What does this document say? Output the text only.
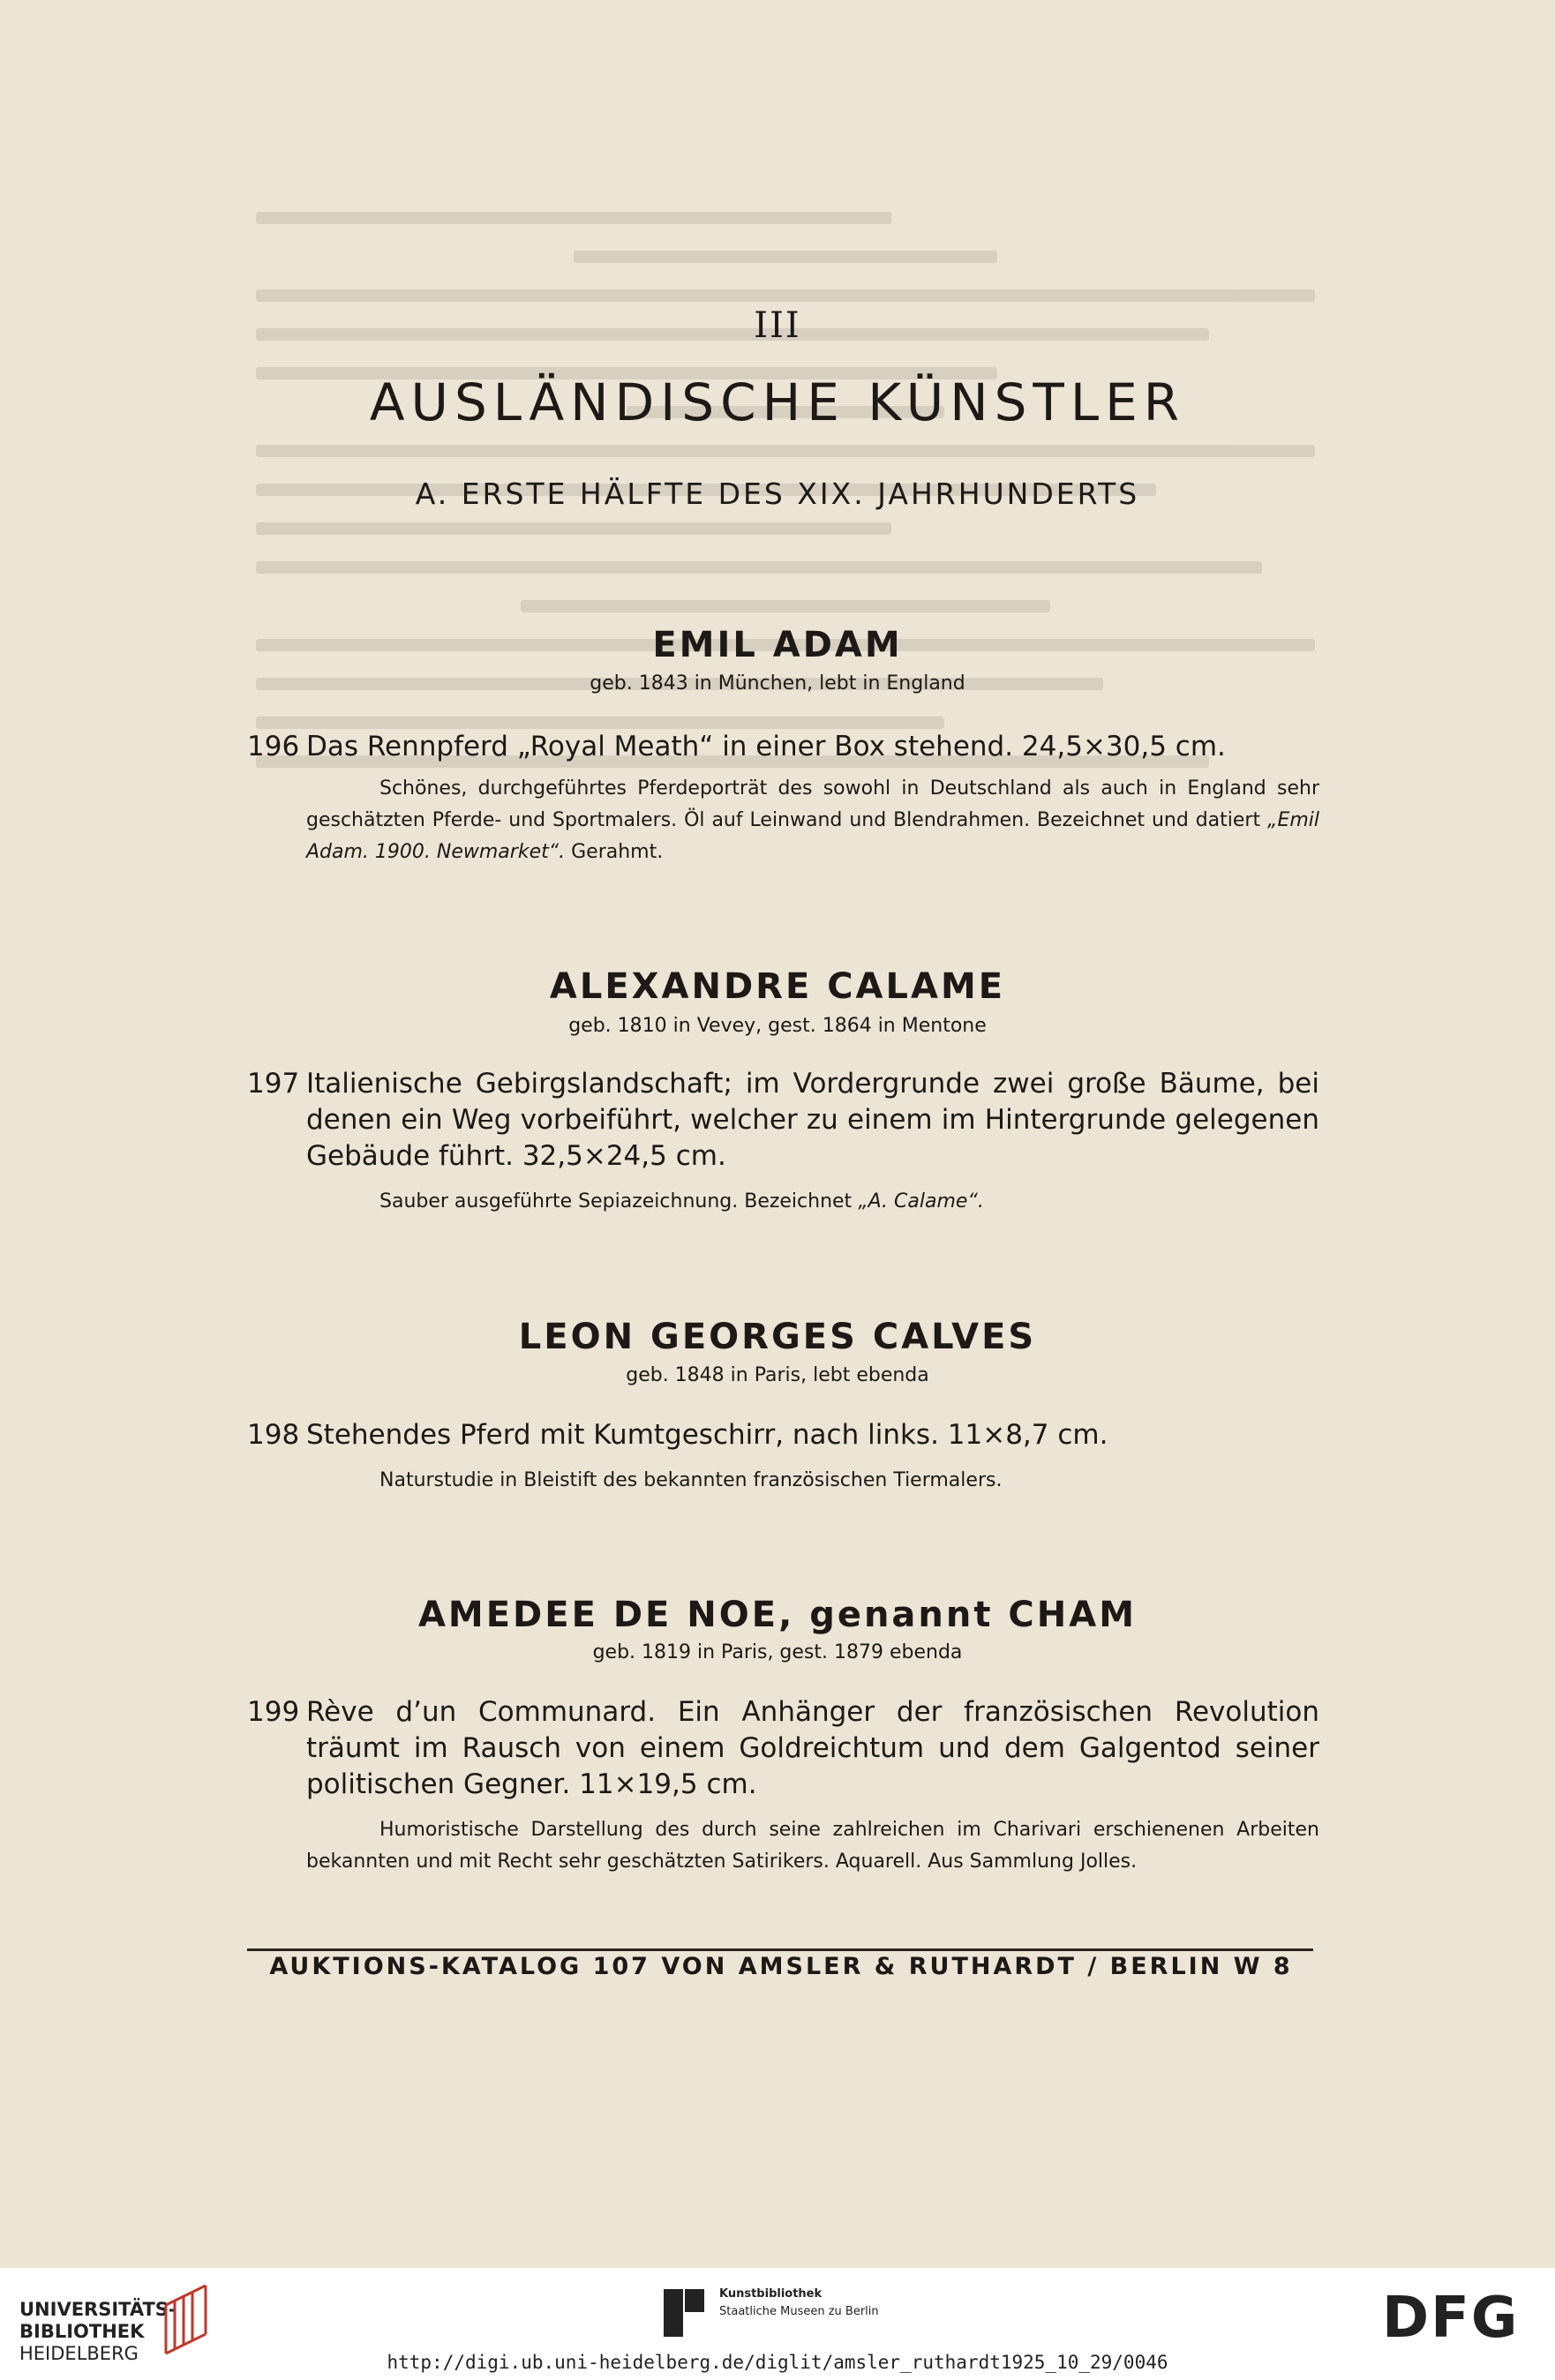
III
AUSLÄNDISCHE KÜNSTLER
A. ERSTE HÄLFTE DES XIX. JAHRHUNDERTS
EMIL ADAM
geb. 1843 in München, lebt in England
196 Das Rennpferd „Royal Meath“ in einer Box stehend. 24,5×30,5 cm.
Schönes, durchgeführtes Pferdeporträt des sowohl in Deutschland als auch in England sehr geschätzten Pferde- und Sportmalers. Öl auf Leinwand und Blendrahmen. Bezeichnet und datiert „Emil Adam. 1900. Newmarket“. Gerahmt.
ALEXANDRE CALAME
geb. 1810 in Vevey, gest. 1864 in Mentone
197 Italienische Gebirgslandschaft; im Vordergrunde zwei große Bäume, bei denen ein Weg vorbeiführt, welcher zu einem im Hintergrunde gelegenen Gebäude führt. 32,5×24,5 cm.
Sauber ausgeführte Sepiazeichnung. Bezeichnet „A. Calame“.
LEON GEORGES CALVES
geb. 1848 in Paris, lebt ebenda
198 Stehendes Pferd mit Kumtgeschirr, nach links. 11×8,7 cm.
Naturstudie in Bleistift des bekannten französischen Tiermalers.
AMEDEE DE NOE, genannt CHAM
geb. 1819 in Paris, gest. 1879 ebenda
199 Rève d’un Communard. Ein Anhänger der französischen Revolution träumt im Rausch von einem Goldreichtum und dem Galgentod seiner politischen Gegner. 11×19,5 cm.
Humoristische Darstellung des durch seine zahlreichen im Charivari erschienenen Arbeiten bekannten und mit Recht sehr geschätzten Satirikers. Aquarell. Aus Sammlung Jolles.
AUKTIONS-KATALOG 107 VON AMSLER & RUTHARDT / BERLIN W 8
UNIVERSITÄTS-
BIBLIOTHEK
HEIDELBERG
Kunstbibliothek
Staatliche Museen zu Berlin
http://digi.ub.uni-heidelberg.de/diglit/amsler_ruthardt1925_10_29/0046
DFG
